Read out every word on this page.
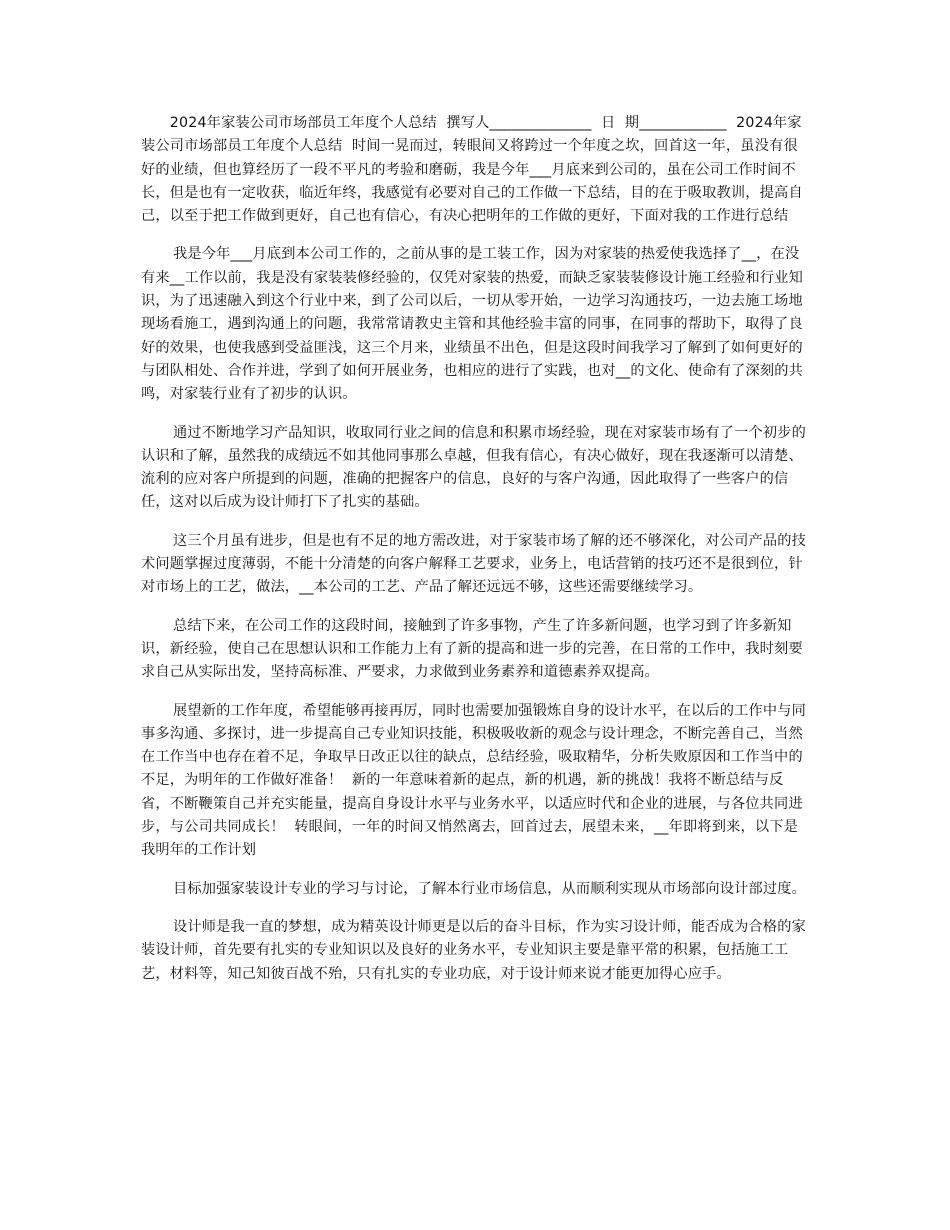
　　2024年家装公司市场部员工年度个人总结  撰写人______________  日  期____________  2024年家装公司市场部员工年度个人总结  时间一晃而过，转眼间又将跨过一个年度之坎，回首这一年，虽没有很好的业绩，但也算经历了一段不平凡的考验和磨砺，我是今年___月底来到公司的，虽在公司工作时间不长，但是也有一定收获，临近年终，我感觉有必要对自己的工作做一下总结，目的在于吸取教训，提高自己，以至于把工作做到更好，自己也有信心，有决心把明年的工作做的更好，下面对我的工作进行总结

我是今年___月底到本公司工作的，之前从事的是工装工作，因为对家装的热爱使我选择了__，在没有来__工作以前，我是没有家装装修经验的，仅凭对家装的热爱，而缺乏家装装修设计施工经验和行业知识，为了迅速融入到这个行业中来，到了公司以后，一切从零开始，一边学习沟通技巧，一边去施工场地现场看施工，遇到沟通上的问题，我常常请教史主管和其他经验丰富的同事，在同事的帮助下，取得了良好的效果，也使我感到受益匪浅，这三个月来，业绩虽不出色，但是这段时间我学习了解到了如何更好的与团队相处、合作并进，学到了如何开展业务，也相应的进行了实践，也对__的文化、使命有了深刻的共鸣，对家装行业有了初步的认识。

通过不断地学习产品知识，收取同行业之间的信息和积累市场经验，现在对家装市场有了一个初步的认识和了解，虽然我的成绩远不如其他同事那么卓越，但我有信心，有决心做好，现在我逐渐可以清楚、流利的应对客户所提到的问题，准确的把握客户的信息，良好的与客户沟通，因此取得了一些客户的信任，这对以后成为设计师打下了扎实的基础。

这三个月虽有进步，但是也有不足的地方需改进，对于家装市场了解的还不够深化，对公司产品的技术问题掌握过度薄弱，不能十分清楚的向客户解释工艺要求，业务上，电话营销的技巧还不是很到位，针对市场上的工艺，做法，__本公司的工艺、产品了解还远远不够，这些还需要继续学习。

总结下来，在公司工作的这段时间，接触到了许多事物，产生了许多新问题，也学习到了许多新知识，新经验，使自己在思想认识和工作能力上有了新的提高和进一步的完善，在日常的工作中，我时刻要求自己从实际出发，坚持高标准、严要求，力求做到业务素养和道德素养双提高。

展望新的工作年度，希望能够再接再厉，同时也需要加强锻炼自身的设计水平，在以后的工作中与同事多沟通、多探讨，进一步提高自己专业知识技能，积极吸收新的观念与设计理念，不断完善自己，当然在工作当中也存在着不足，争取早日改正以往的缺点，总结经验，吸取精华，分析失败原因和工作当中的不足，为明年的工作做好准备！  新的一年意味着新的起点，新的机遇，新的挑战！我将不断总结与反省，不断鞭策自己并充实能量，提高自身设计水平与业务水平，以适应时代和企业的进展，与各位共同进步，与公司共同成长！  转眼间，一年的时间又悄然离去，回首过去，展望未来，__年即将到来，以下是我明年的工作计划

目标加强家装设计专业的学习与讨论，了解本行业市场信息，从而顺利实现从市场部向设计部过度。

设计师是我一直的梦想，成为精英设计师更是以后的奋斗目标，作为实习设计师，能否成为合格的家装设计师，首先要有扎实的专业知识以及良好的业务水平，专业知识主要是靠平常的积累，包括施工工艺，材料等，知己知彼百战不殆，只有扎实的专业功底，对于设计师来说才能更加得心应手。
